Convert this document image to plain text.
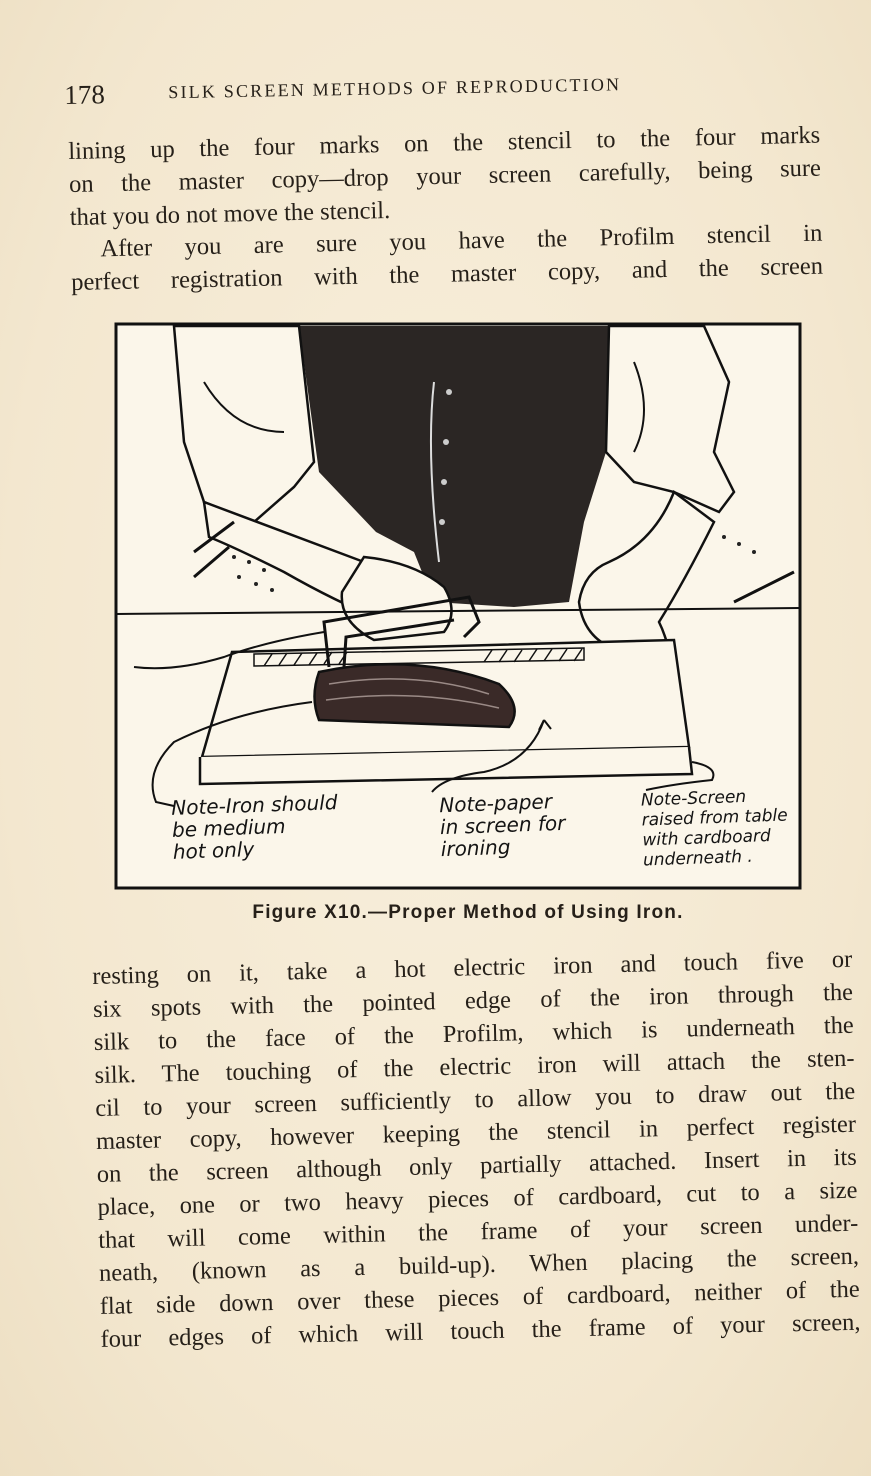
178	SILK SCREEN METHODS OF REPRODUCTION
lining up the four marks on the stencil to the four marks
on the master copy—drop your screen carefully, being sure
that you do not move the stencil.
After you are sure you have the Profilm stencil in
perfect registration with the master copy, and the screen
Note-Iron should
be medium
hot only
Note-paper
in screen for
ironing
Note-Screen
raised from table
with cardboard
underneath .
Figure X10.—Proper Method of Using Iron.
resting on it, take a hot electric iron and touch five or
six spots with the pointed edge of the iron through the
silk to the face of the Profilm, which is underneath the
silk. The touching of the electric iron will attach the sten-
cil to your screen sufficiently to allow you to draw out the
master copy, however keeping the stencil in perfect register
on the screen although only partially attached. Insert in its
place, one or two heavy pieces of cardboard, cut to a size
that will come within the frame of your screen under-
neath, (known as a build-up). When placing the screen,
flat side down over these pieces of cardboard, neither of the
four edges of which will touch the frame of your screen,
